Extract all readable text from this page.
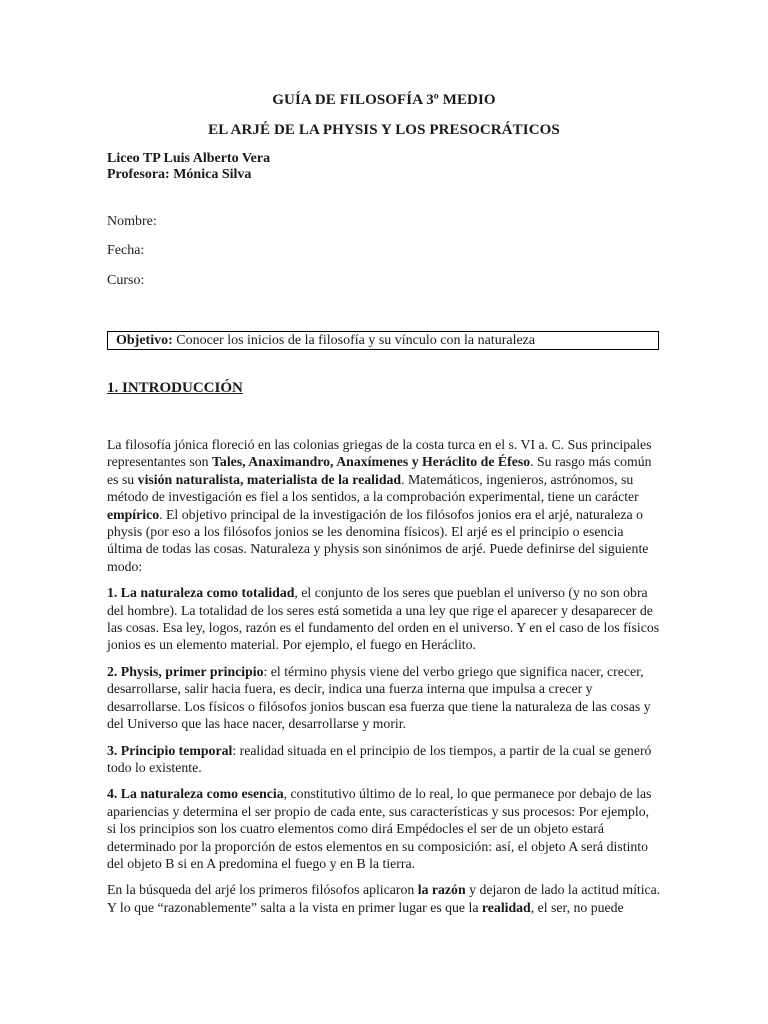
GUÍA DE FILOSOFÍA 3º MEDIO
EL ARJÉ DE LA PHYSIS Y LOS PRESOCRÁTICOS
Liceo TP Luis Alberto Vera
Profesora: Mónica Silva
Nombre:
Fecha:
Curso:
Objetivo: Conocer los inicios de la filosofía y su vínculo con la naturaleza
1. INTRODUCCIÓN

La filosofía jónica floreció en las colonias griegas de la costa turca en el s. VI a. C. Sus principales representantes son Tales, Anaximandro, Anaxímenes y Heráclito de Éfeso. Su rasgo más común es su visión naturalista, materialista de la realidad. Matemáticos, ingenieros, astrónomos, su método de investigación es fiel a los sentidos, a la comprobación experimental, tiene un carácter empírico. El objetivo principal de la investigación de los filósofos jonios era el arjé, naturaleza o physis (por eso a los filósofos jonios se les denomina físicos). El arjé es el principio o esencia última de todas las cosas. Naturaleza y physis son sinónimos de arjé. Puede definirse del siguiente modo:

1. La naturaleza como totalidad, el conjunto de los seres que pueblan el universo (y no son obra del hombre). La totalidad de los seres está sometida a una ley que rige el aparecer y desaparecer de las cosas. Esa ley, logos, razón es el fundamento del orden en el universo. Y en el caso de los físicos jonios es un elemento material. Por ejemplo, el fuego en Heráclito.

2. Physis, primer principio: el término physis viene del verbo griego que significa nacer, crecer, desarrollarse, salir hacia fuera, es decir, indica una fuerza interna que impulsa a crecer y desarrollarse. Los físicos o filósofos jonios buscan esa fuerza que tiene la naturaleza de las cosas y del Universo que las hace nacer, desarrollarse y morir.

3. Principio temporal: realidad situada en el principio de los tiempos, a partir de la cual se generó todo lo existente.

4. La naturaleza como esencia, constitutivo último de lo real, lo que permanece por debajo de las apariencias y determina el ser propio de cada ente, sus características y sus procesos: Por ejemplo, si los principios son los cuatro elementos como dirá Empédocles el ser de un objeto estará determinado por la proporción de estos elementos en su composición: así, el objeto A será distinto del objeto B si en A predomina el fuego y en B la tierra.

En la búsqueda del arjé los primeros filósofos aplicaron la razón y dejaron de lado la actitud mítica. Y lo que “razonablemente” salta a la vista en primer lugar es que la realidad, el ser, no puede
